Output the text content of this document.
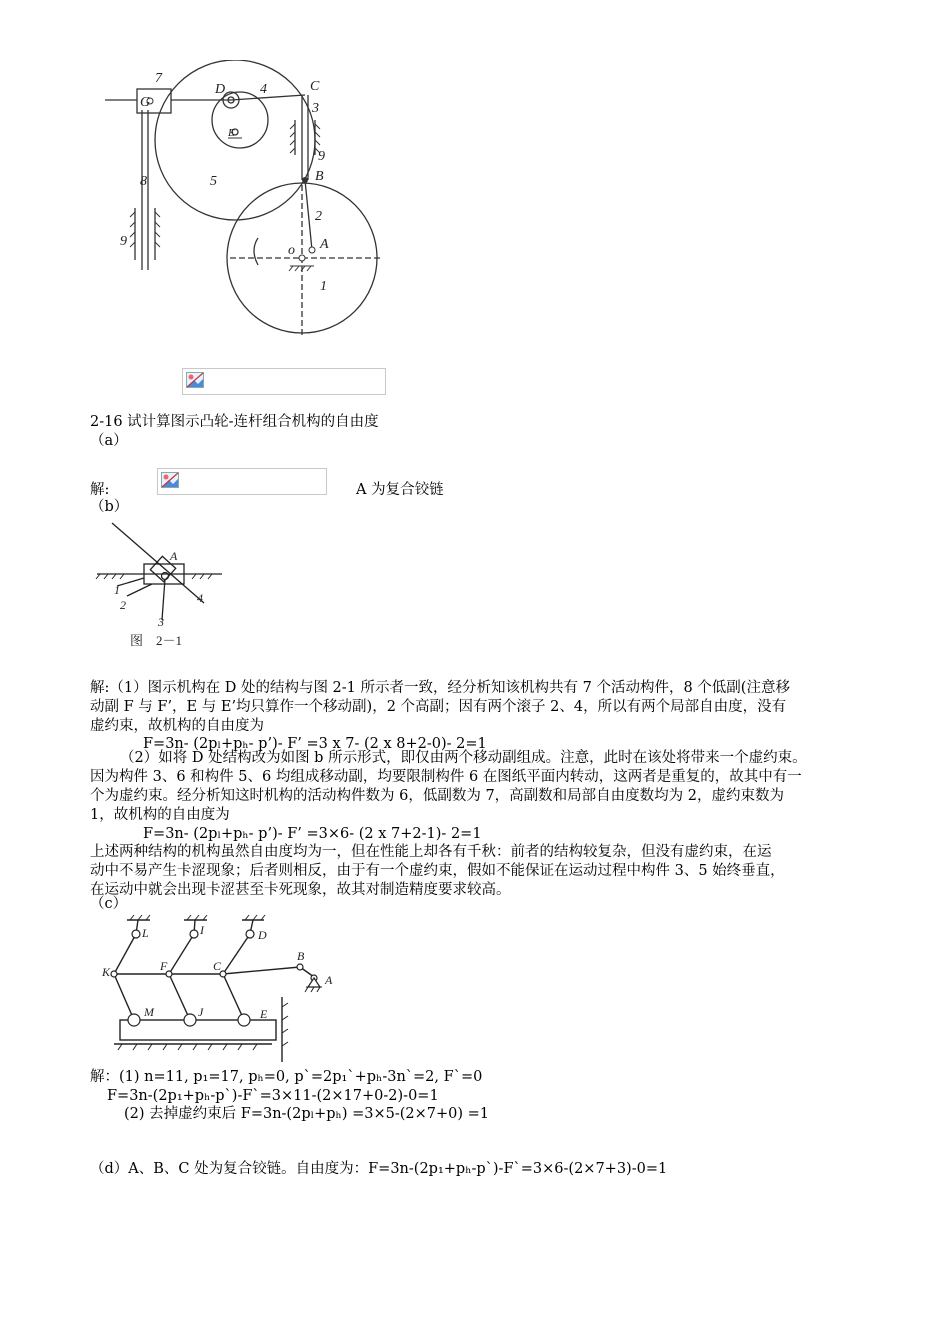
7
D 4	C
3
G
E
5
8
9
9
B
2
o A
1
2-16 试计算图示凸轮-连杆组合机构的自由度
（a）
解:	A 为复合铰链
（b）
A
1
2
3
4
图　2－1
解:（1）图示机构在 D 处的结构与图 2-1 所示者一致，经分析知该机构共有 7 个活动构件，8 个低副(注意移
动副 F 与 F’，E 与 E’均只算作一个移动副)，2 个高副；因有两个滚子 2、4，所以有两个局部自由度，没有
虚约束，故机构的自由度为
F=3n- (2pₗ+pₕ- p’)- F’ =3 x 7- (2 x 8+2-0)- 2=1
（2）如将 D 处结构改为如图 b 所示形式，即仅由两个移动副组成。注意，此时在该处将带来一个虚约束。
因为构件 3、6 和构件 5、6 均组成移动副，均要限制构件 6 在图纸平面内转动，这两者是重复的，故其中有一
个为虚约束。经分析知这时机构的活动构件数为 6，低副数为 7，高副数和局部自由度数均为 2，虚约束数为
1，故机构的自由度为
F=3n- (2pₗ+pₕ- p’)- F’ =3×6- (2 x 7+2-1)- 2=1
上述两种结构的机构虽然自由度均为一，但在性能上却各有千秋：前者的结构较复杂，但没有虚约束，在运
动中不易产生卡涩现象；后者则相反，由于有一个虚约束，假如不能保证在运动过程中构件 3、5 始终垂直，
在运动中就会出现卡涩甚至卡死现象，故其对制造精度要求较高。
（c）
L	I	D
B
A
K	F	C
M	J	E
解：(1) n=11, p₁=17, pₕ=0, p`=2p₁`+pₕ-3n`=2, F`=0
F=3n-(2p₁+pₕ-p`)-F`=3×11-(2×17+0-2)-0=1
(2) 去掉虚约束后 F=3n-(2pₗ+pₕ) =3×5-(2×7+0) =1
（d）A、B、C 处为复合铰链。自由度为：F=3n-(2p₁+pₕ-p`)-F`=3×6-(2×7+3)-0=1
